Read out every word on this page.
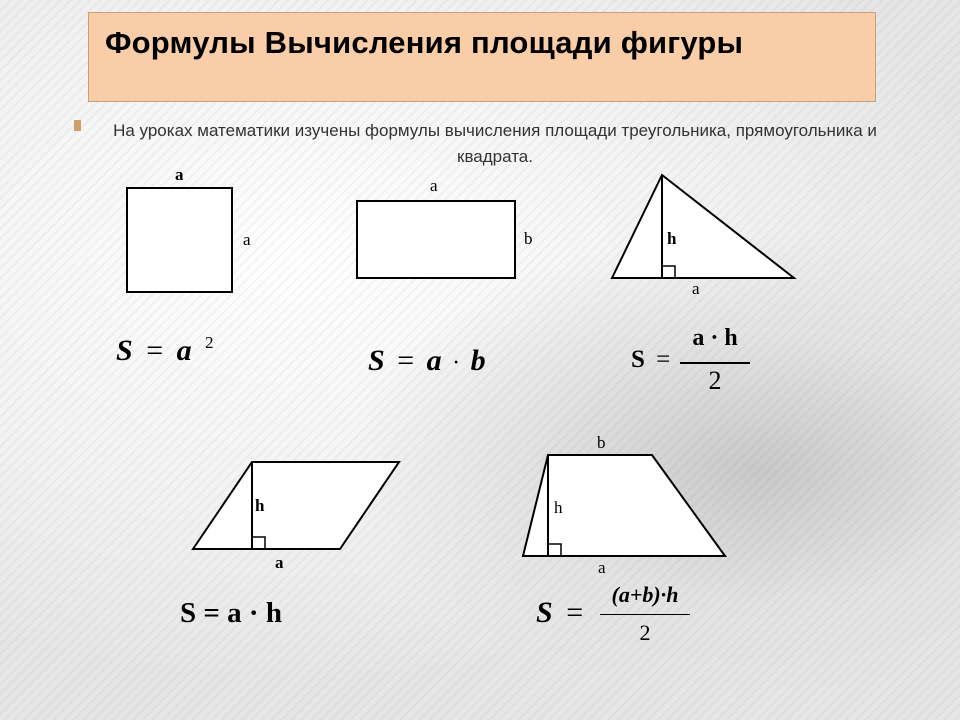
Формулы Вычисления площади фигуры
На уроках математики изучены формулы вычисления площади треугольника, прямоугольника и квадрата.
a
a
a
b	h
a
h
a
b
h
a
S = a 2
S = a · b	S =
a · h
2
S = a · h	S =
(a+b)·h
2
